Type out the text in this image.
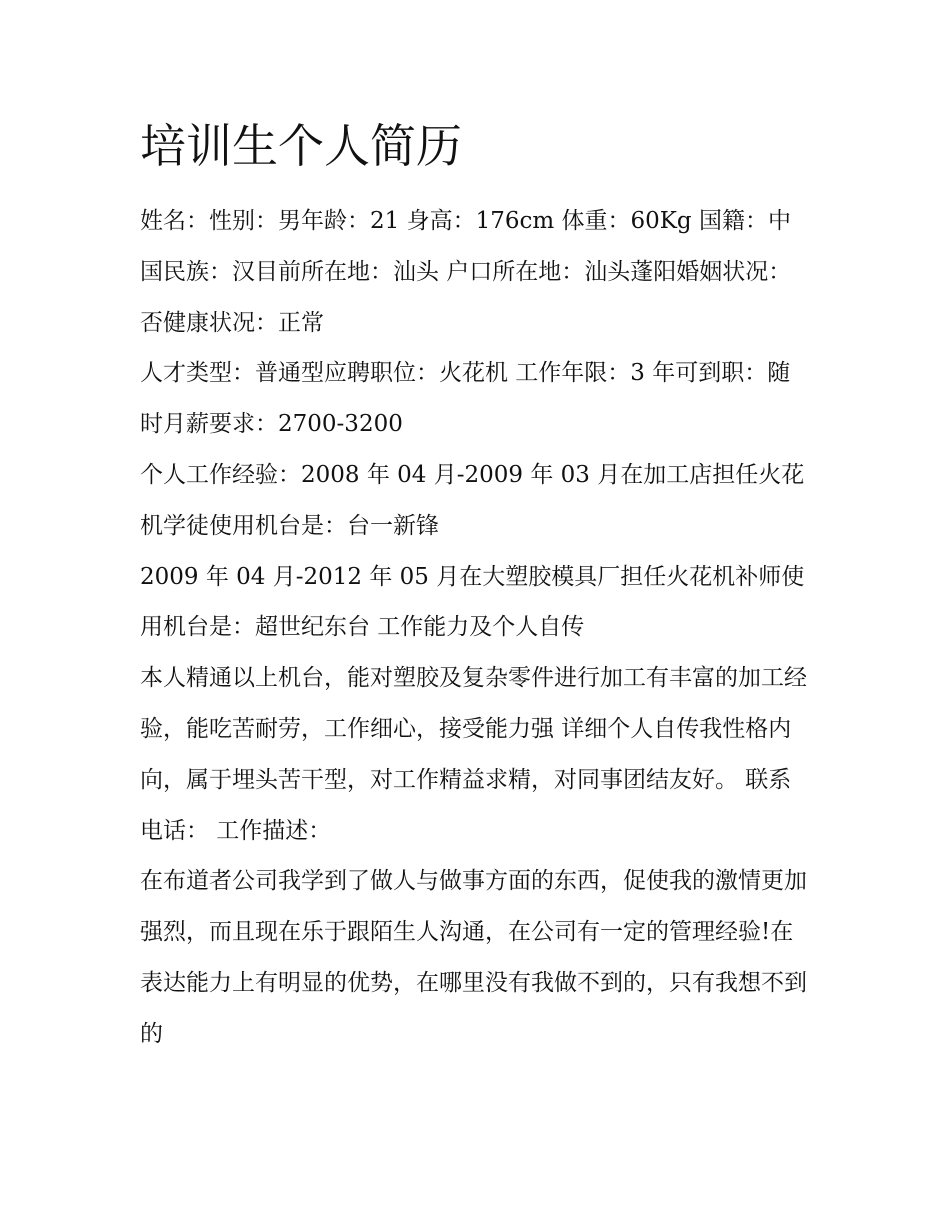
培训生个人简历

姓名：性别：男年龄：21 身高：176cm 体重：60Kg 国籍：中国民族：汉目前所在地：汕头 户口所在地：汕头蓬阳婚姻状况：否健康状况：正常

人才类型：普通型应聘职位：火花机 工作年限：3 年可到职：随时月薪要求：2700-3200

个人工作经验：2008 年 04 月-2009 年 03 月在加工店担任火花机学徒使用机台是：台一新锋

2009 年 04 月-2012 年 05 月在大塑胶模具厂担任火花机补师使用机台是：超世纪东台 工作能力及个人自传

本人精通以上机台，能对塑胶及复杂零件进行加工有丰富的加工经验，能吃苦耐劳，工作细心，接受能力强 详细个人自传我性格内向，属于埋头苦干型，对工作精益求精，对同事团结友好。 联系电话： 工作描述：

在布道者公司我学到了做人与做事方面的东西，促使我的激情更加强烈，而且现在乐于跟陌生人沟通，在公司有一定的管理经验!在表达能力上有明显的优势，在哪里没有我做不到的，只有我想不到的
